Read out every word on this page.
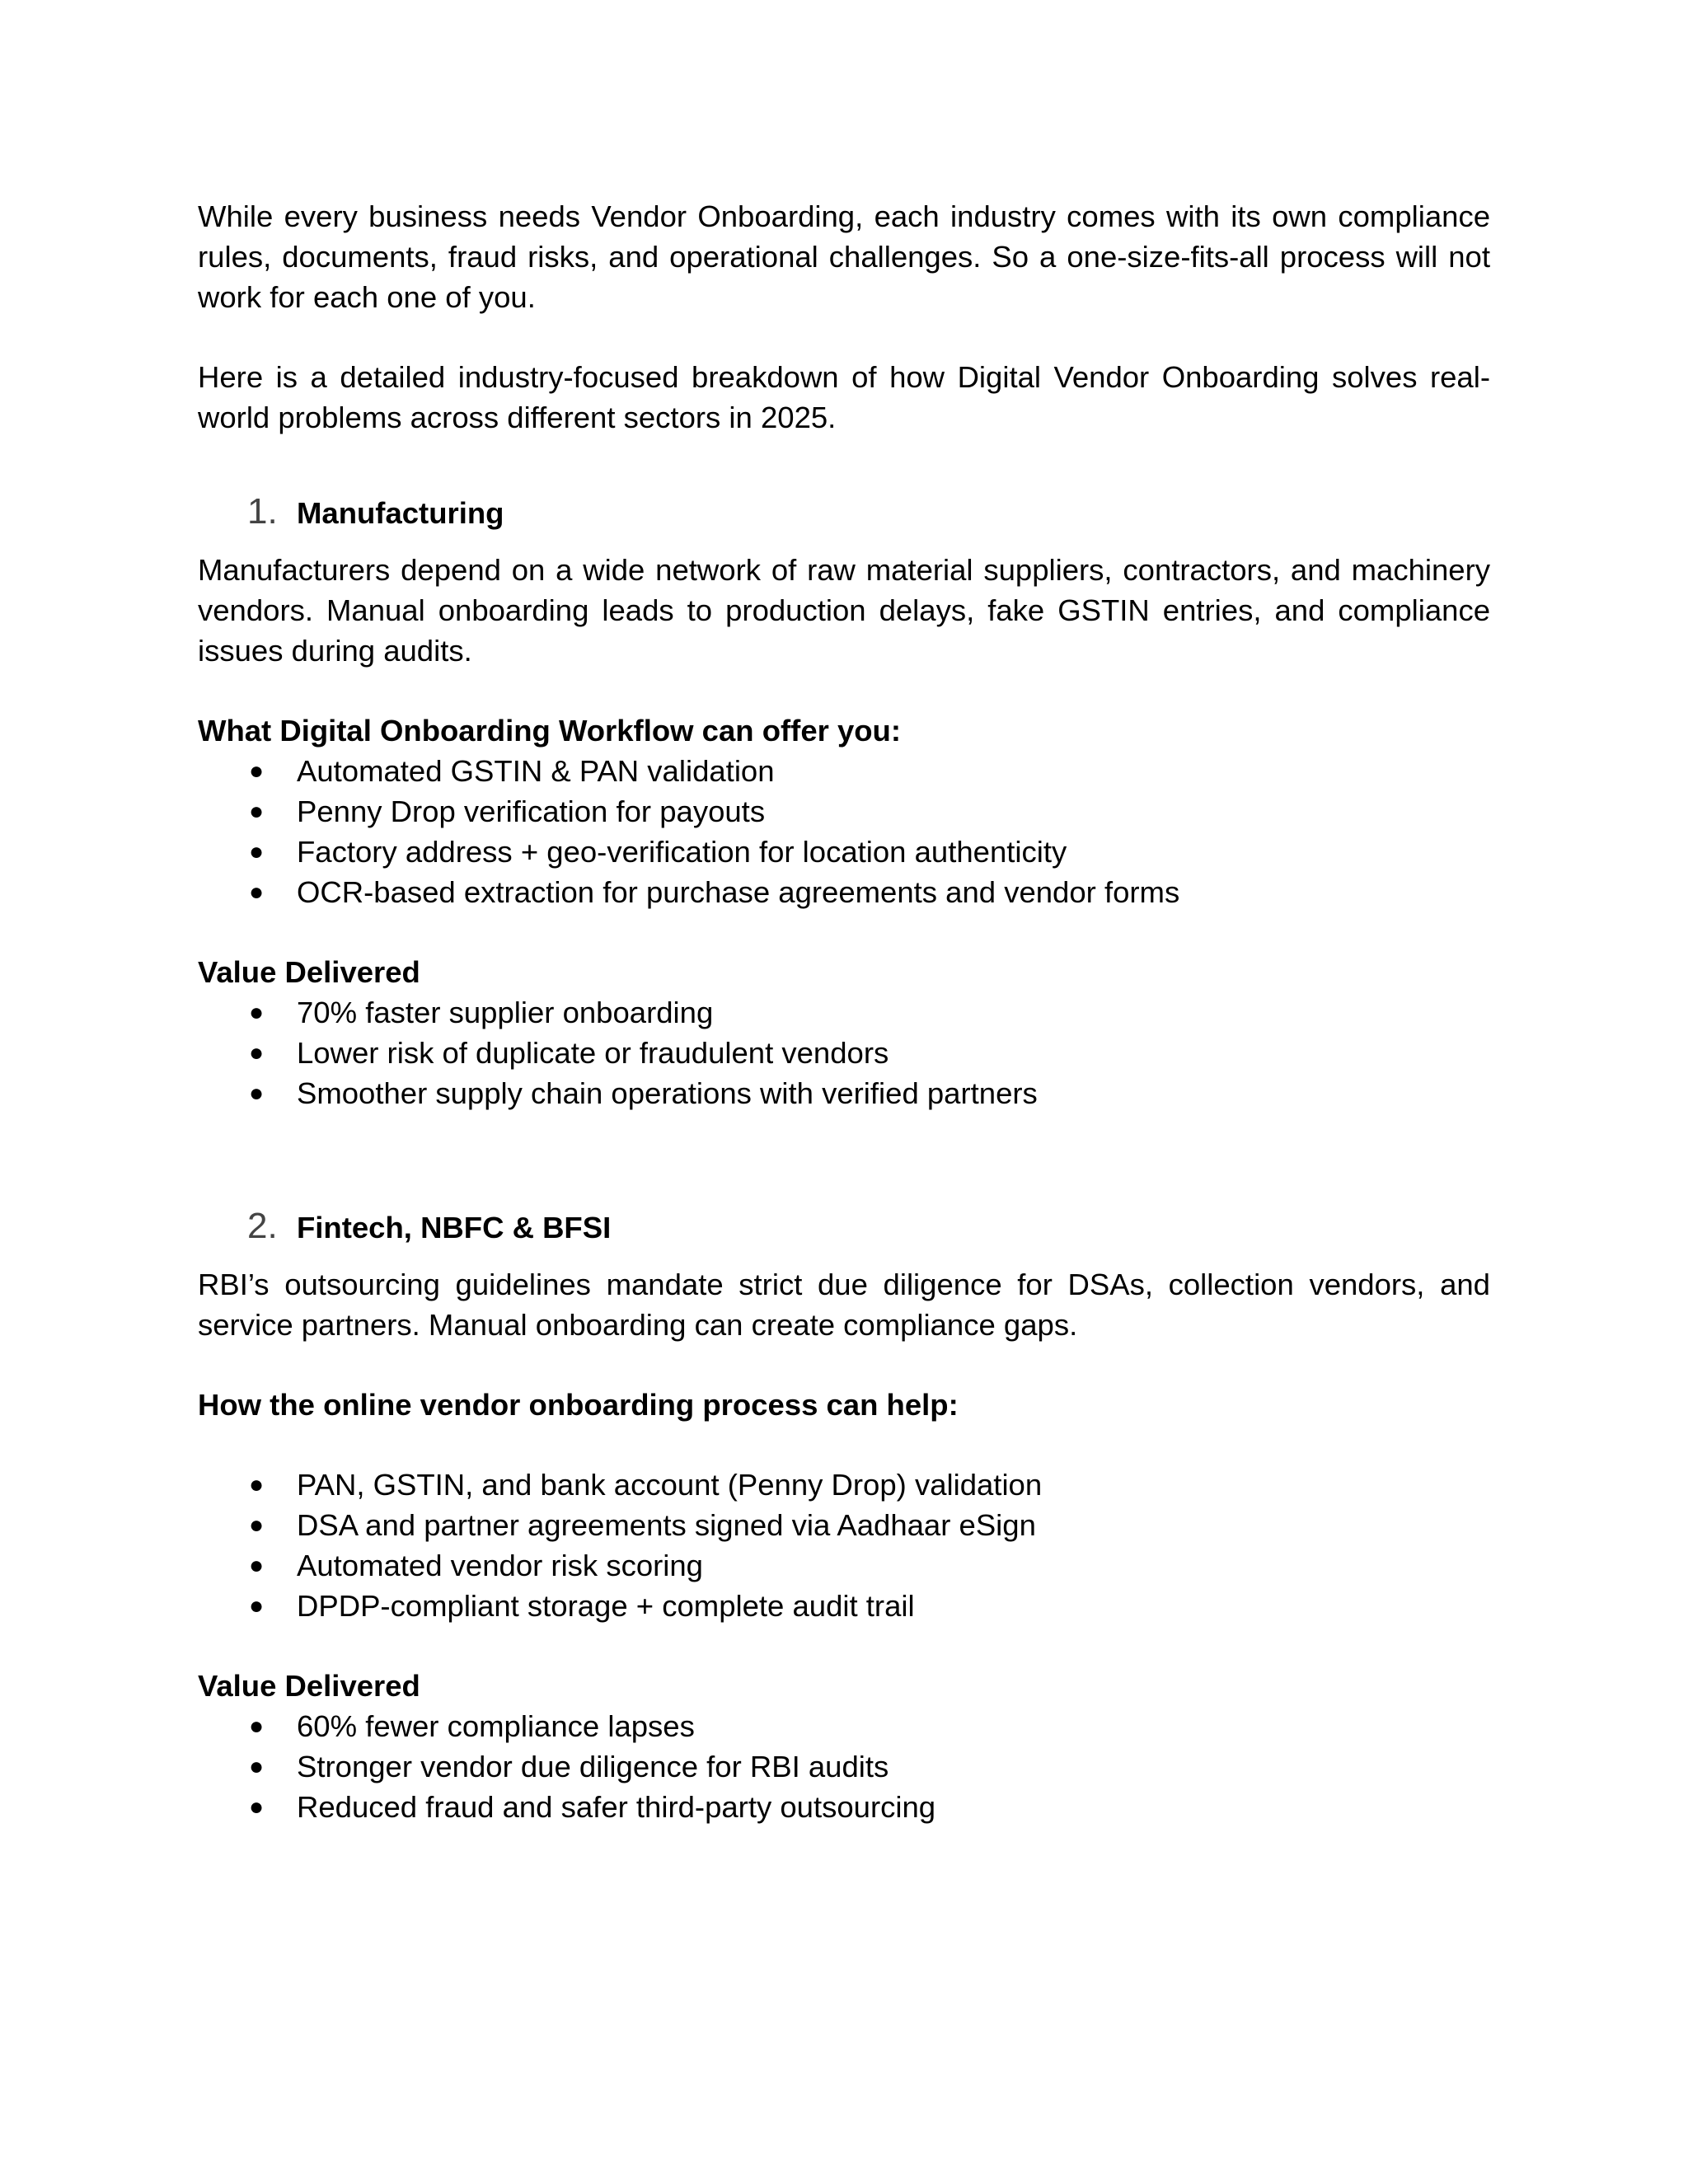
While every business needs Vendor Onboarding, each industry comes with its own compliance rules, documents, fraud risks, and operational challenges. So a one-size-fits-all process will not work for each one of you.

Here is a detailed industry-focused breakdown of how Digital Vendor Onboarding solves real-world problems across different sectors in 2025.

1. Manufacturing

Manufacturers depend on a wide network of raw material suppliers, contractors, and machinery vendors. Manual onboarding leads to production delays, fake GSTIN entries, and compliance issues during audits.

What Digital Onboarding Workflow can offer you:
● Automated GSTIN & PAN validation
● Penny Drop verification for payouts
● Factory address + geo-verification for location authenticity
● OCR-based extraction for purchase agreements and vendor forms
Value Delivered
● 70% faster supplier onboarding
● Lower risk of duplicate or fraudulent vendors
● Smoother supply chain operations with verified partners
2. Fintech, NBFC & BFSI

RBI’s outsourcing guidelines mandate strict due diligence for DSAs, collection vendors, and service partners. Manual onboarding can create compliance gaps.

How the online vendor onboarding process can help:
● PAN, GSTIN, and bank account (Penny Drop) validation
● DSA and partner agreements signed via Aadhaar eSign
● Automated vendor risk scoring
● DPDP-compliant storage + complete audit trail
Value Delivered
● 60% fewer compliance lapses
● Stronger vendor due diligence for RBI audits
● Reduced fraud and safer third-party outsourcing
